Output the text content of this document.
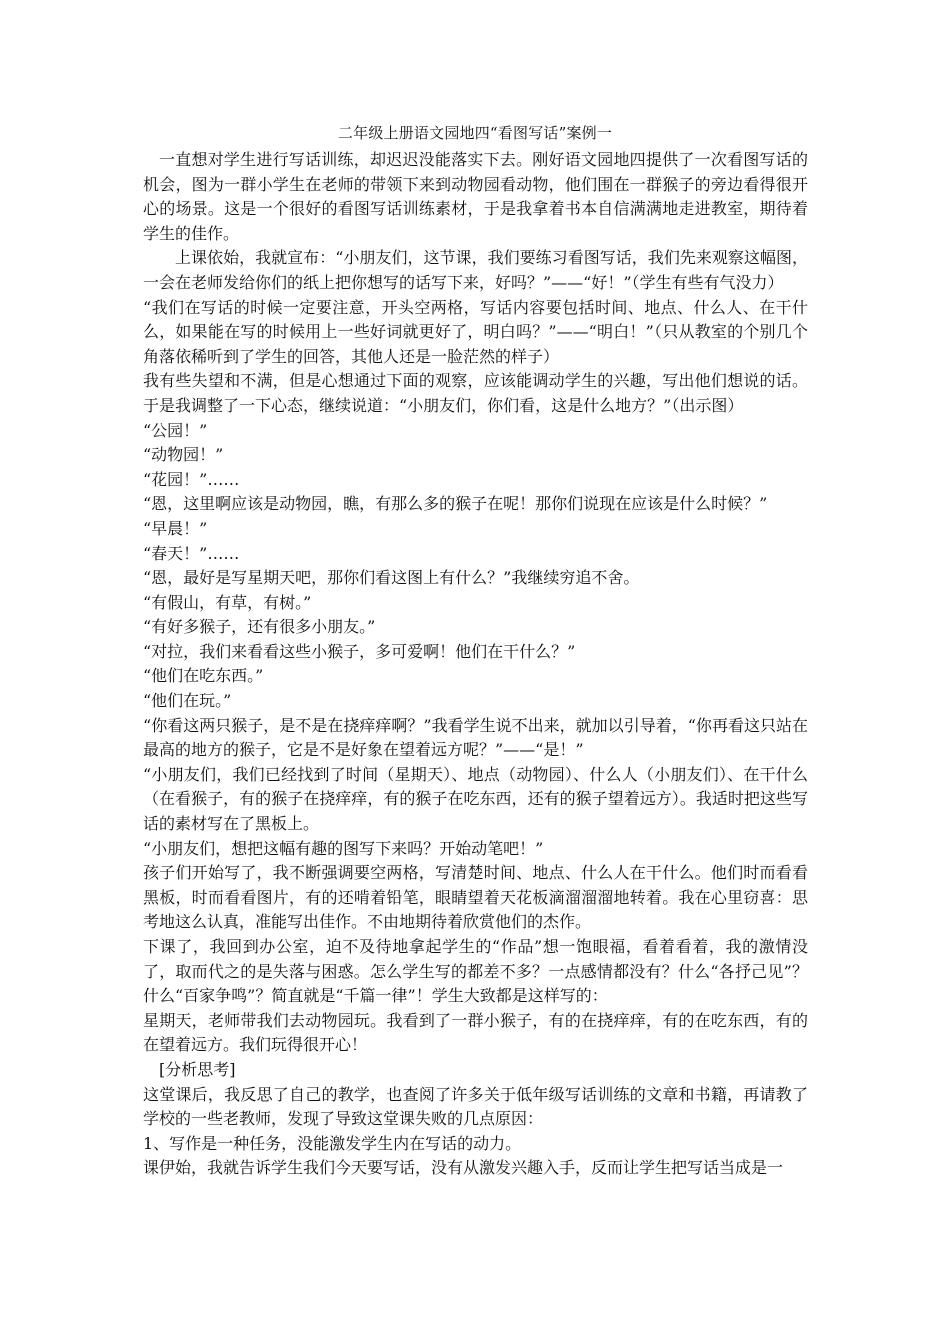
二年级上册语文园地四“看图写话”案例一

一直想对学生进行写话训练，却迟迟没能落实下去。刚好语文园地四提供了一次看图写话的机会，图为一群小学生在老师的带领下来到动物园看动物，他们围在一群猴子的旁边看得很开心的场景。这是一个很好的看图写话训练素材，于是我拿着书本自信满满地走进教室，期待着学生的佳作。

上课依始，我就宣布：“小朋友们，这节课，我们要练习看图写话，我们先来观察这幅图，一会在老师发给你们的纸上把你想写的话写下来，好吗？”——“好！”（学生有些有气没力）

“我们在写话的时候一定要注意，开头空两格，写话内容要包括时间、地点、什么人、在干什么，如果能在写的时候用上一些好词就更好了，明白吗？”——“明白！”（只从教室的个别几个角落依稀听到了学生的回答，其他人还是一脸茫然的样子）

我有些失望和不满，但是心想通过下面的观察，应该能调动学生的兴趣，写出他们想说的话。于是我调整了一下心态，继续说道：“小朋友们，你们看，这是什么地方？”（出示图）

“公园！”

“动物园！”

“花园！”……

“恩，这里啊应该是动物园，瞧，有那么多的猴子在呢！那你们说现在应该是什么时候？”

“早晨！”

“春天！”……

“恩，最好是写星期天吧，那你们看这图上有什么？”我继续穷追不舍。

“有假山，有草，有树。”

“有好多猴子，还有很多小朋友。”

“对拉，我们来看看这些小猴子，多可爱啊！他们在干什么？”

“他们在吃东西。”

“他们在玩。”

“你看这两只猴子，是不是在挠痒痒啊？”我看学生说不出来，就加以引导着，“你再看这只站在最高的地方的猴子，它是不是好象在望着远方呢？”——“是！”

“小朋友们，我们已经找到了时间（星期天）、地点（动物园）、什么人（小朋友们）、在干什么（在看猴子，有的猴子在挠痒痒，有的猴子在吃东西，还有的猴子望着远方）。我适时把这些写话的素材写在了黑板上。

“小朋友们，想把这幅有趣的图写下来吗？开始动笔吧！”

孩子们开始写了，我不断强调要空两格，写清楚时间、地点、什么人在干什么。他们时而看看黑板，时而看看图片，有的还啃着铅笔，眼睛望着天花板滴溜溜溜地转着。我在心里窃喜：思考地这么认真，准能写出佳作。不由地期待着欣赏他们的杰作。

下课了，我回到办公室，迫不及待地拿起学生的“作品”想一饱眼福，看着看着，我的激情没了，取而代之的是失落与困惑。怎么学生写的都差不多？一点感情都没有？什么“各抒己见”？什么“百家争鸣”？简直就是“千篇一律”！学生大致都是这样写的：

星期天，老师带我们去动物园玩。我看到了一群小猴子，有的在挠痒痒，有的在吃东西，有的在望着远方。我们玩得很开心！

[分析思考]

这堂课后，我反思了自己的教学，也查阅了许多关于低年级写话训练的文章和书籍，再请教了学校的一些老教师，发现了导致这堂课失败的几点原因：

1、写作是一种任务，没能激发学生内在写话的动力。

课伊始，我就告诉学生我们今天要写话，没有从激发兴趣入手，反而让学生把写话当成是一
